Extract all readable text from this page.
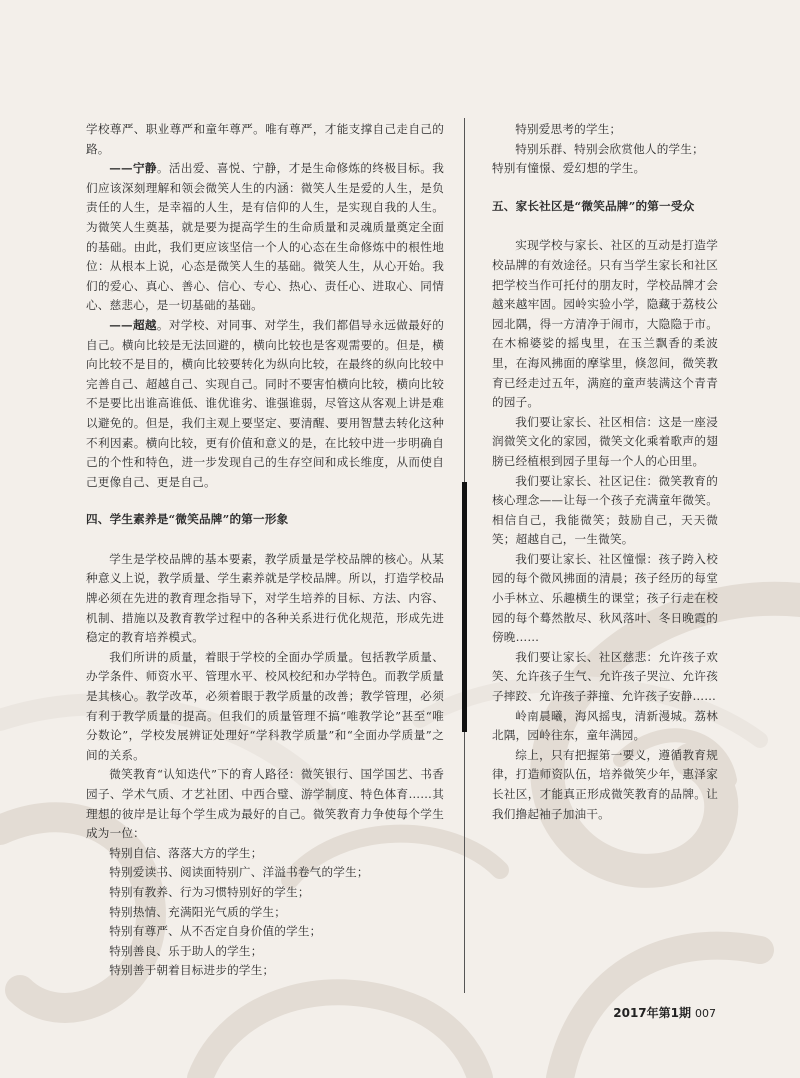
学校尊严、职业尊严和童年尊严。唯有尊严，才能支撑自己走自己的路。

——宁静。活出爱、喜悦、宁静，才是生命修炼的终极目标。我们应该深刻理解和领会微笑人生的内涵：微笑人生是爱的人生，是负责任的人生，是幸福的人生，是有信仰的人生，是实现自我的人生。为微笑人生奠基，就是要为提高学生的生命质量和灵魂质量奠定全面的基础。由此，我们更应该坚信一个人的心态在生命修炼中的根性地位：从根本上说，心态是微笑人生的基础。微笑人生，从心开始。我们的爱心、真心、善心、信心、专心、热心、责任心、进取心、同情心、慈悲心，是一切基础的基础。

——超越。对学校、对同事、对学生，我们都倡导永远做最好的自己。横向比较是无法回避的，横向比较也是客观需要的。但是，横向比较不是目的，横向比较要转化为纵向比较，在最终的纵向比较中完善自己、超越自己、实现自己。同时不要害怕横向比较，横向比较不是要比出谁高谁低、谁优谁劣、谁强谁弱，尽管这从客观上讲是难以避免的。但是，我们主观上要坚定、要清醒、要用智慧去转化这种不利因素。横向比较，更有价值和意义的是，在比较中进一步明确自己的个性和特色，进一步发现自己的生存空间和成长维度，从而使自己更像自己、更是自己。

四、学生素养是“微笑品牌”的第一形象

学生是学校品牌的基本要素，教学质量是学校品牌的核心。从某种意义上说，教学质量、学生素养就是学校品牌。所以，打造学校品牌必须在先进的教育理念指导下，对学生培养的目标、方法、内容、机制、措施以及教育教学过程中的各种关系进行优化规范，形成先进稳定的教育培养模式。

我们所讲的质量，着眼于学校的全面办学质量。包括教学质量、办学条件、师资水平、管理水平、校风校纪和办学特色。而教学质量是其核心。教学改革，必须着眼于教学质量的改善；教学管理，必须有利于教学质量的提高。但我们的质量管理不搞“唯教学论”甚至“唯分数论”，学校发展辨证处理好“学科教学质量”和“全面办学质量”之间的关系。

微笑教育“认知迭代”下的育人路径：微笑银行、国学国艺、书香园子、学术气质、才艺社团、中西合璧、游学制度、特色体育……其理想的彼岸是让每个学生成为最好的自己。微笑教育力争使每个学生成为一位：

特别自信、落落大方的学生；

特别爱读书、阅读面特别广、洋溢书卷气的学生；

特别有教养、行为习惯特别好的学生；

特别热情、充满阳光气质的学生；

特别有尊严、从不否定自身价值的学生；

特别善良、乐于助人的学生；

特别善于朝着目标进步的学生；

特别爱思考的学生；

特别乐群、特别会欣赏他人的学生；

特别有憧憬、爱幻想的学生。

五、家长社区是“微笑品牌”的第一受众

实现学校与家长、社区的互动是打造学校品牌的有效途径。只有当学生家长和社区把学校当作可托付的朋友时，学校品牌才会越来越牢固。园岭实验小学，隐藏于荔枝公园北隅，得一方清净于闹市，大隐隐于市。在木棉婆娑的摇曳里，在玉兰飘香的柔波里，在海风拂面的摩挲里，倏忽间，微笑教育已经走过五年，满庭的童声装满这个青青的园子。

我们要让家长、社区相信：这是一座浸润微笑文化的家园，微笑文化乘着歌声的翅膀已经植根到园子里每一个人的心田里。

我们要让家长、社区记住：微笑教育的核心理念——让每一个孩子充满童年微笑。相信自己，我能微笑；鼓励自己，天天微笑；超越自己，一生微笑。

我们要让家长、社区憧憬：孩子跨入校园的每个微风拂面的清晨；孩子经历的每堂小手林立、乐趣横生的课堂；孩子行走在校园的每个蓦然散尽、秋风落叶、冬日晚霞的傍晚……

我们要让家长、社区慈悲：允许孩子欢笑、允许孩子生气、允许孩子哭泣、允许孩子摔跤、允许孩子莽撞、允许孩子安静……

岭南晨曦，海风摇曳，清新漫城。荔林北隅，园岭往东，童年满园。

综上，只有把握第一要义，遵循教育规律，打造师资队伍，培养微笑少年，惠泽家长社区，才能真正形成微笑教育的品牌。让我们撸起袖子加油干。

2017年第1期 007
